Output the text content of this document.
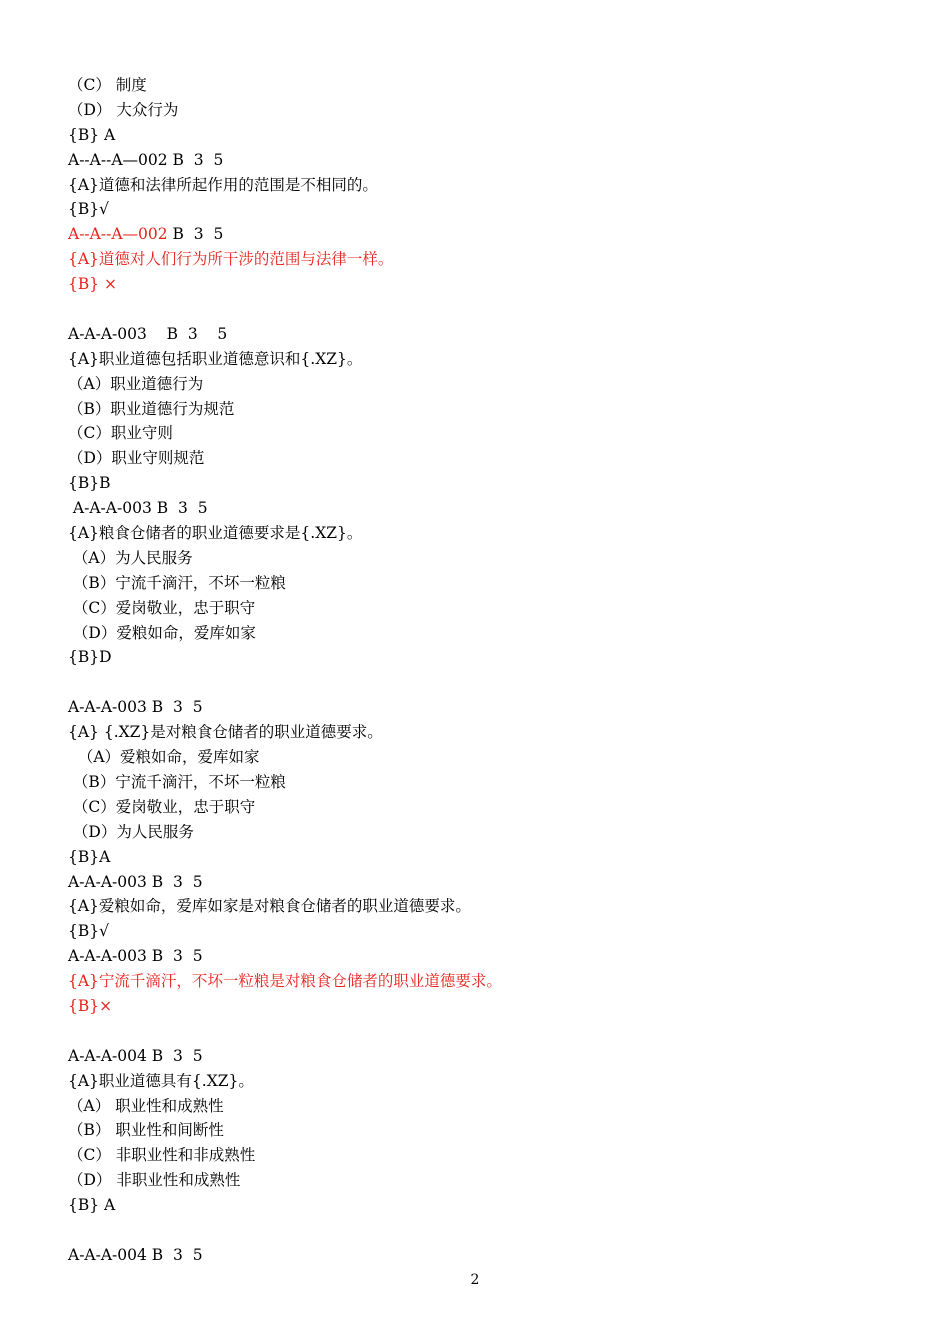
（C） 制度
（D） 大众行为
{B} A
A--A--A—002 B  3  5
{A}道德和法律所起作用的范围是不相同的。
{B}√
A--A--A—002 B  3  5
{A}道德对人们行为所干涉的范围与法律一样。
{B} ×
A-A-A-003    B  3    5
{A}职业道德包括职业道德意识和{.XZ}。
（A）职业道德行为
（B）职业道德行为规范
（C）职业守则
（D）职业守则规范
{B}B
A-A-A-003 B  3  5
{A}粮食仓储者的职业道德要求是{.XZ}。
（A）为人民服务
（B）宁流千滴汗，不坏一粒粮
（C）爱岗敬业，忠于职守
（D）爱粮如命，爱库如家
{B}D
A-A-A-003 B  3  5
{A} {.XZ}是对粮食仓储者的职业道德要求。
（A）爱粮如命，爱库如家
（B）宁流千滴汗，不坏一粒粮
（C）爱岗敬业，忠于职守
（D）为人民服务
{B}A
A-A-A-003 B  3  5
{A}爱粮如命，爱库如家是对粮食仓储者的职业道德要求。
{B}√
A-A-A-003 B  3  5
{A}宁流千滴汗，不坏一粒粮是对粮食仓储者的职业道德要求。
{B}×
A-A-A-004 B  3  5
{A}职业道德具有{.XZ}。
（A） 职业性和成熟性
（B） 职业性和间断性
（C） 非职业性和非成熟性
（D） 非职业性和成熟性
{B} A
A-A-A-004 B  3  5
2
